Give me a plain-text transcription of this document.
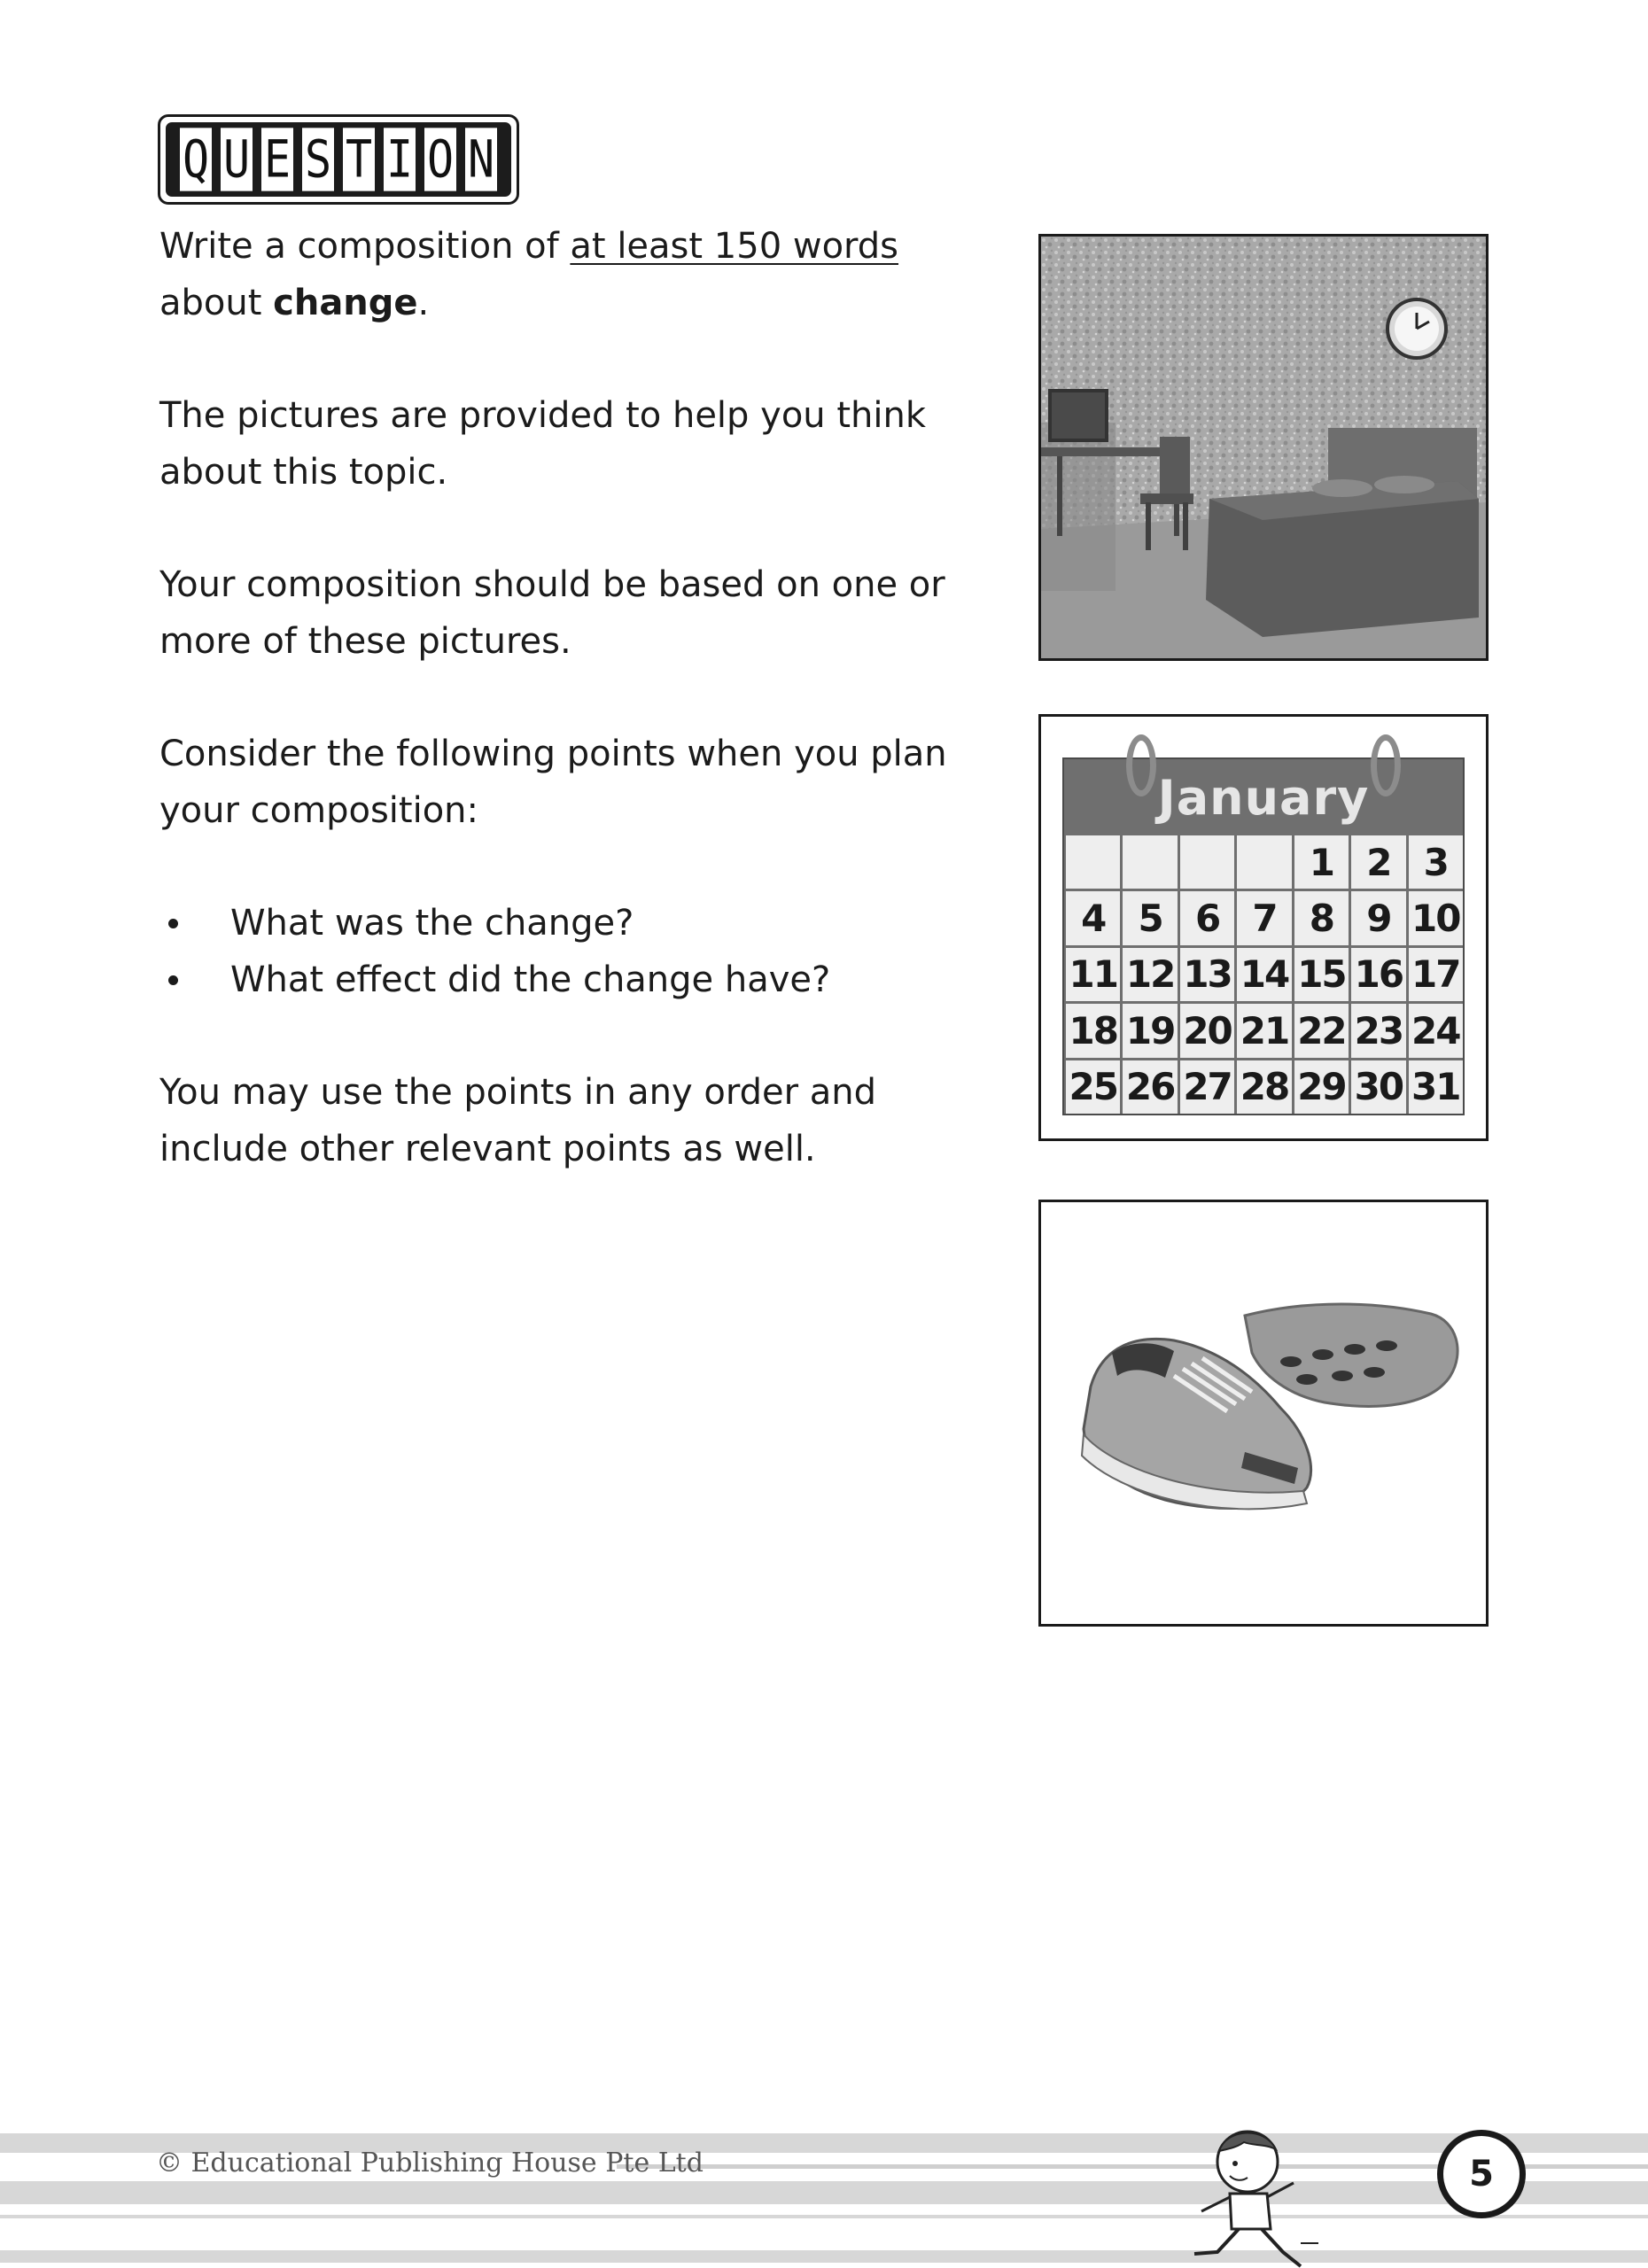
Q U E S T I O N

Write a composition of at least 150 words
about change.

The pictures are provided to help you think about this topic.

Your composition should be based on one or more of these pictures.

Consider the following points when you plan your composition:

What was the change?
What effect did the change have?

You may use the points in any order and include other relevant points as well.

January
1 2 3
4 5 6 7 8 9 10
11 12 13 14 15 16 17
18 19 20 21 22 23 24
25 26 27 28 29 30 31
© Educational Publishing House Pte Ltd	5
